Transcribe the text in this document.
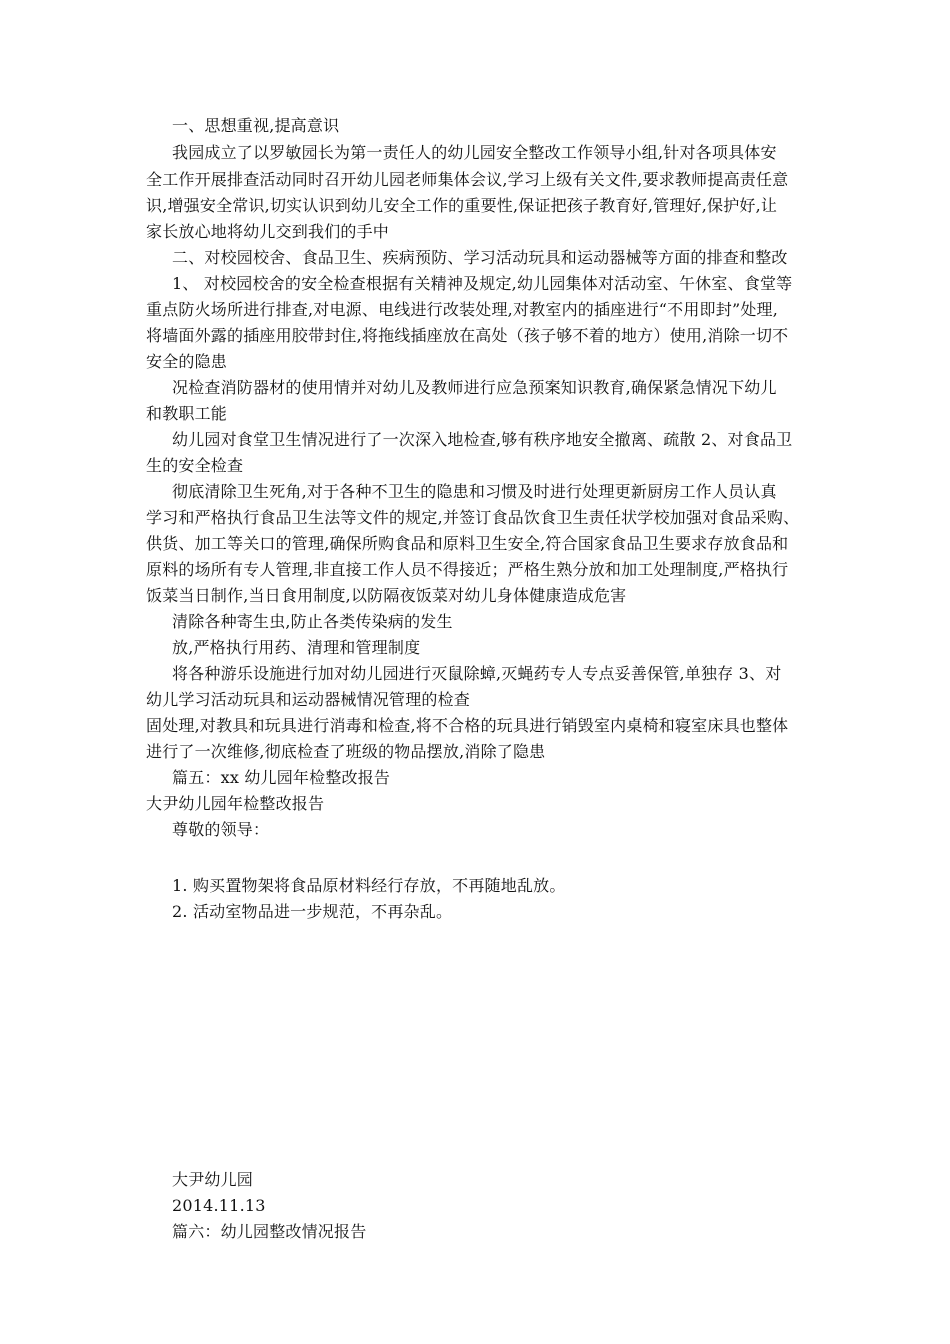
一、思想重视,提高意识
我园成立了以罗敏园长为第一责任人的幼儿园安全整改工作领导小组,针对各项具体安
全工作开展排查活动同时召开幼儿园老师集体会议,学习上级有关文件,要求教师提高责任意
识,增强安全常识,切实认识到幼儿安全工作的重要性,保证把孩子教育好,管理好,保护好,让
家长放心地将幼儿交到我们的手中
二、对校园校舍、食品卫生、疾病预防、学习活动玩具和运动器械等方面的排查和整改
1、 对校园校舍的安全检查根据有关精神及规定,幼儿园集体对活动室、午休室、食堂等
重点防火场所进行排查,对电源、电线进行改装处理,对教室内的插座进行“不用即封”处理,
将墙面外露的插座用胶带封住,将拖线插座放在高处（孩子够不着的地方）使用,消除一切不
安全的隐患
况检查消防器材的使用情并对幼儿及教师进行应急预案知识教育,确保紧急情况下幼儿
和教职工能
幼儿园对食堂卫生情况进行了一次深入地检查,够有秩序地安全撤离、疏散 2、对食品卫
生的安全检查
彻底清除卫生死角,对于各种不卫生的隐患和习惯及时进行处理更新厨房工作人员认真
学习和严格执行食品卫生法等文件的规定,并签订食品饮食卫生责任状学校加强对食品采购、
供货、加工等关口的管理,确保所购食品和原料卫生安全,符合国家食品卫生要求存放食品和
原料的场所有专人管理,非直接工作人员不得接近；严格生熟分放和加工处理制度,严格执行
饭菜当日制作,当日食用制度,以防隔夜饭菜对幼儿身体健康造成危害
清除各种寄生虫,防止各类传染病的发生
放,严格执行用药、清理和管理制度
将各种游乐设施进行加对幼儿园进行灭鼠除蟑,灭蝇药专人专点妥善保管,单独存 3、对
幼儿学习活动玩具和运动器械情况管理的检查
固处理,对教具和玩具进行消毒和检查,将不合格的玩具进行销毁室内桌椅和寝室床具也整体
进行了一次维修,彻底检查了班级的物品摆放,消除了隐患
篇五：xx 幼儿园年检整改报告
大尹幼儿园年检整改报告
尊敬的领导：
1. 购买置物架将食品原材料经行存放，不再随地乱放。
2. 活动室物品进一步规范，不再杂乱。
大尹幼儿园
2014.11.13
篇六：幼儿园整改情况报告
